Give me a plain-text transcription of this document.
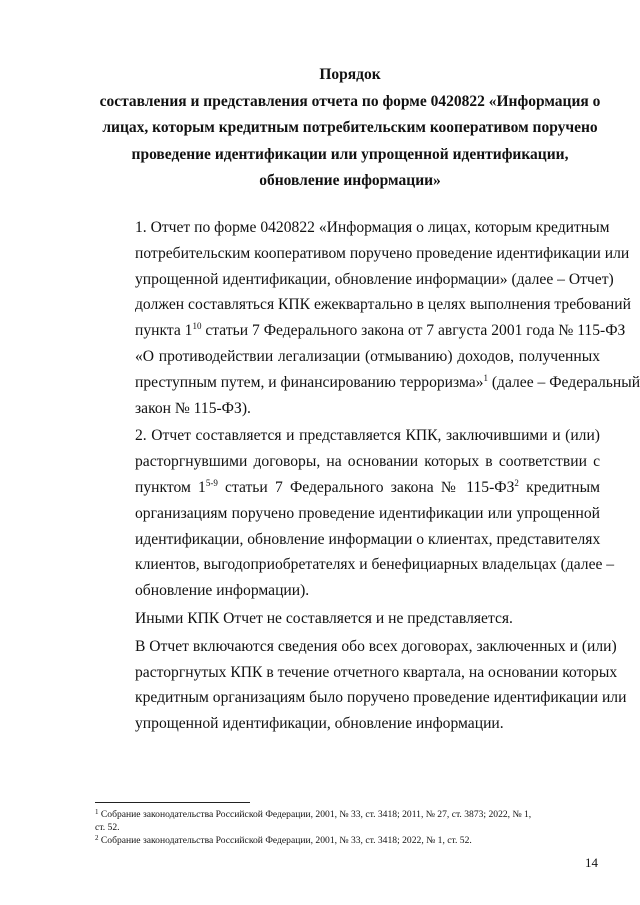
Порядок
составления и представления отчета по форме 0420822 «Информация о
лицах, которым кредитным потребительским кооперативом поручено
проведение идентификации или упрощенной идентификации,
обновление информации»
1. Отчет по форме 0420822 «Информация о лицах, которым кредитным
потребительским кооперативом поручено проведение идентификации или
упрощенной идентификации, обновление информации» (далее – Отчет)
должен составляться КПК ежеквартально в целях выполнения требований
пункта $1^{10}$ статьи 7 Федерального закона от 7 августа 2001 года № 115-ФЗ
«О противодействии легализации (отмыванию) доходов, полученных
преступным путем, и финансированию терроризма»$^1$ (далее – Федеральный
закон № 115-ФЗ).
2. Отчет составляется и представляется КПК, заключившими и (или)
расторгнувшими договоры, на основании которых в соответствии с
пунктом 1$^{5-9}$ статьи 7 Федерального закона № $115-ФЗ^2$ кредитным
организациям поручено проведение идентификации или упрощенной
идентификации, обновление информации о клиентах, представителях
клиентов, выгодоприобретателях и бенефициарных владельцах (далее –
обновление информации).
Иными КПК Отчет не составляется и не представляется.
В Отчет включаются сведения обо всех договорах, заключенных и (или)
расторгнутых КПК в течение отчетного квартала, на основании которых
кредитным организациям было поручено проведение идентификации или
упрощенной идентификации, обновление информации.

$^1$ Собрание законодательства Российской Федерации, 2001, № 33, ст. 3418; 2011, № 27, ст. 3873; 2022, № 1,
ст. 52.

$^2$ Собрание законодательства Российской Федерации, 2001, № 33, ст. 3418; 2022, № 1, ст. 52.

14
